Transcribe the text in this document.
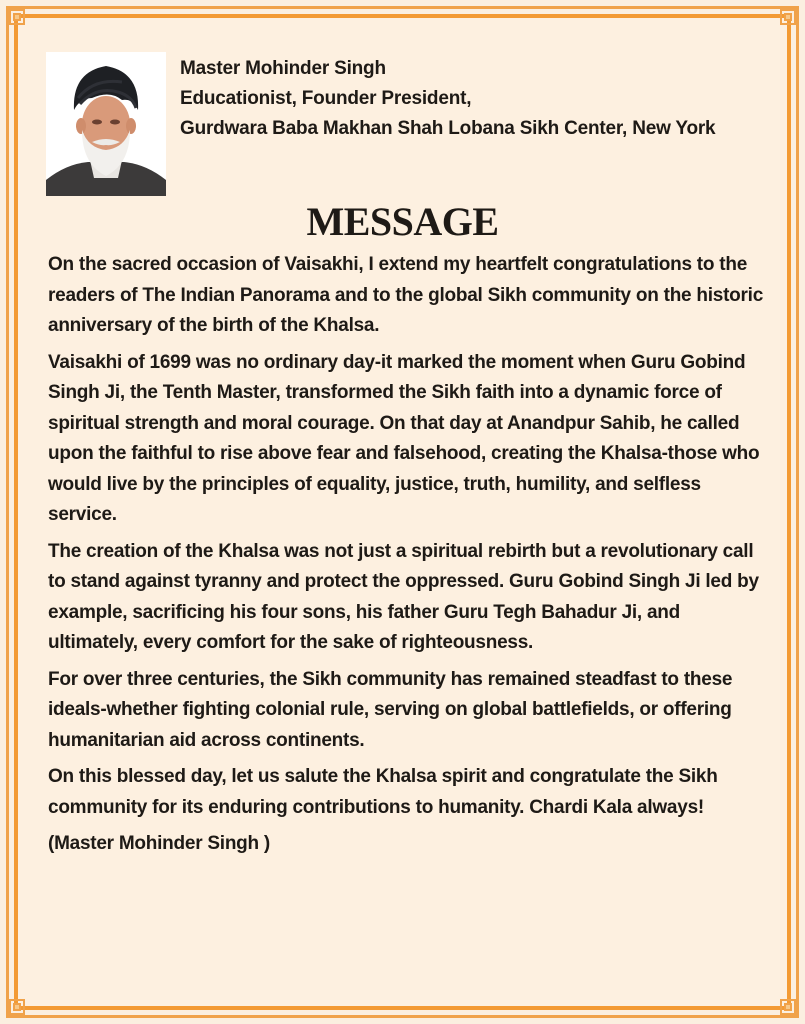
Master Mohinder Singh
Educationist, Founder President,
Gurdwara Baba Makhan Shah Lobana Sikh Center, New York
MESSAGE

On the sacred occasion of Vaisakhi, I extend my heartfelt congratulations to the readers of The Indian Panorama and to the global Sikh community on the historic anniversary of the birth of the Khalsa.

Vaisakhi of 1699 was no ordinary day-it marked the moment when Guru Gobind Singh Ji, the Tenth Master, transformed the Sikh faith into a dynamic force of spiritual strength and moral courage. On that day at Anandpur Sahib, he called upon the faithful to rise above fear and falsehood, creating the Khalsa-those who would live by the principles of equality, justice, truth, humility, and selfless service.

The creation of the Khalsa was not just a spiritual rebirth but a revolutionary call to stand against tyranny and protect the oppressed. Guru Gobind Singh Ji led by example, sacrificing his four sons, his father Guru Tegh Bahadur Ji, and ultimately, every comfort for the sake of righteousness.

For over three centuries, the Sikh community has remained steadfast to these ideals-whether fighting colonial rule, serving on global battlefields, or offering humanitarian aid across continents.

On this blessed day, let us salute the Khalsa spirit and congratulate the Sikh community for its enduring contributions to humanity. Chardi Kala always!

(Master Mohinder Singh )
